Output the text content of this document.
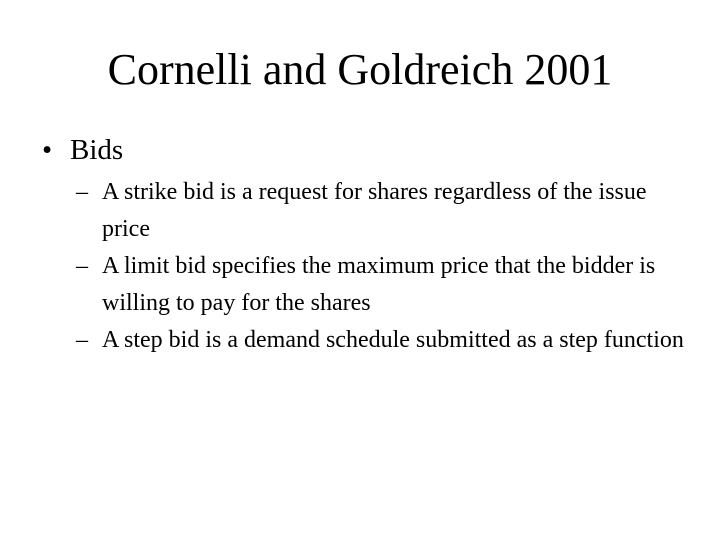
Cornelli and Goldreich 2001
• Bids
– A strike bid is a request for shares regardless of the issue price
– A limit bid specifies the maximum price that the bidder is willing to pay for the shares
– A step bid is a demand schedule submitted as a step function
